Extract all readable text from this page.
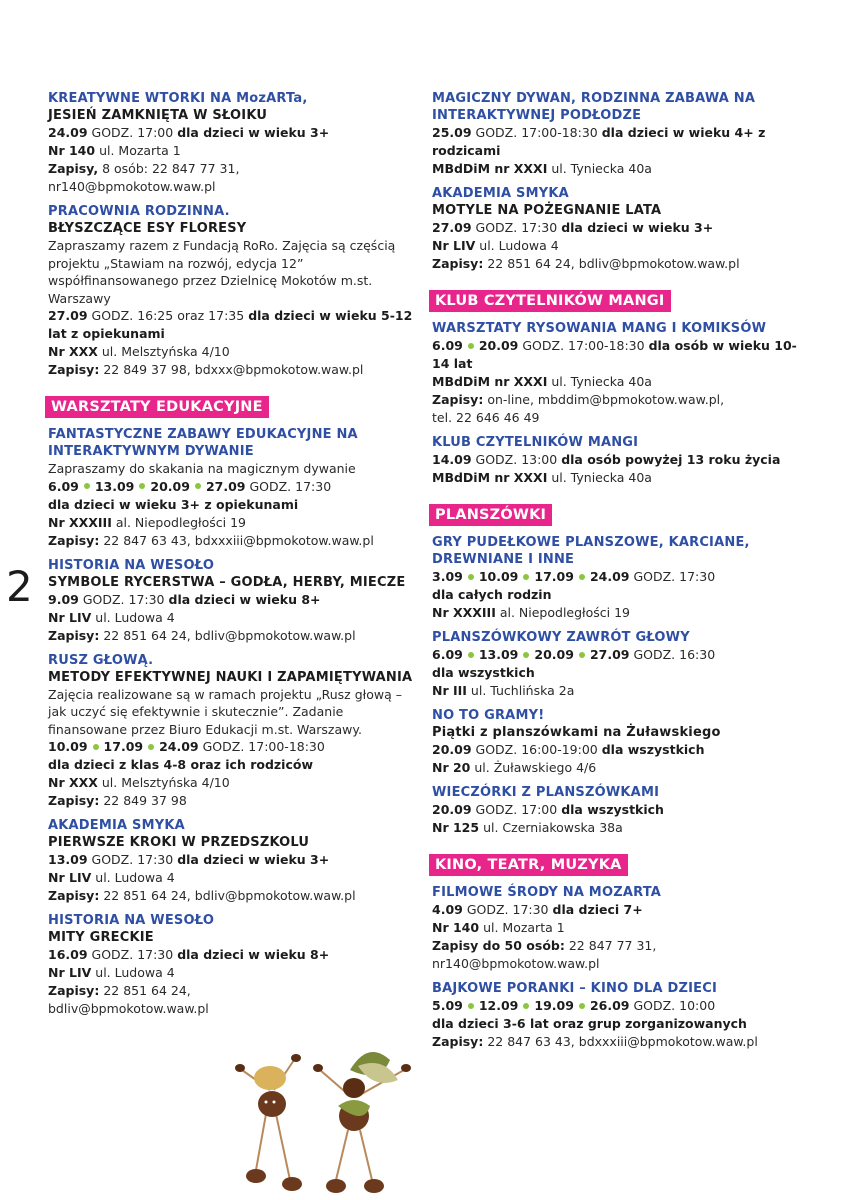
2
KREATYWNE WTORKI NA MozARTa,
JESIEŃ ZAMKNIĘTA W SŁOIKU
24.09 GODZ. 17:00 dla dzieci w wieku 3+
Nr 140 ul. Mozarta 1
Zapisy, 8 osób: 22 847 77 31,
nr140@bpmokotow.waw.pl
PRACOWNIA RODZINNA.
BŁYSZCZĄCE ESY FLORESY
Zapraszamy razem z Fundacją RoRo. Zajęcia są częścią projektu „Stawiam na rozwój, edycja 12” współfinansowanego przez Dzielnicę Mokotów m.st. Warszawy
27.09 GODZ. 16:25 oraz 17:35 dla dzieci w wieku 5-12 lat z opiekunami
Nr XXX ul. Melsztyńska 4/10
Zapisy: 22 849 37 98, bdxxx@bpmokotow.waw.pl
WARSZTATY EDUKACYJNE
FANTASTYCZNE ZABAWY EDUKACYJNE NA INTERAKTYWNYM DYWANIE
Zapraszamy do skakania na magicznym dywanie
6.09 13.09 20.09 27.09 GODZ. 17:30
dla dzieci w wieku 3+ z opiekunami
Nr XXXIII al. Niepodległości 19
Zapisy: 22 847 63 43, bdxxxiii@bpmokotow.waw.pl
HISTORIA NA WESOŁO
SYMBOLE RYCERSTWA – GODŁA, HERBY, MIECZE
9.09 GODZ. 17:30 dla dzieci w wieku 8+
Nr LIV ul. Ludowa 4
Zapisy: 22 851 64 24, bdliv@bpmokotow.waw.pl
RUSZ GŁOWĄ.
METODY EFEKTYWNEJ NAUKI I ZAPAMIĘTYWANIA
Zajęcia realizowane są w ramach projektu „Rusz głową – jak uczyć się efektywnie i skutecznie”. Zadanie finansowane przez Biuro Edukacji m.st. Warszawy.
10.09 17.09 24.09 GODZ. 17:00-18:30
dla dzieci z klas 4-8 oraz ich rodziców
Nr XXX ul. Melsztyńska 4/10
Zapisy: 22 849 37 98
AKADEMIA SMYKA
PIERWSZE KROKI W PRZEDSZKOLU
13.09 GODZ. 17:30 dla dzieci w wieku 3+
Nr LIV ul. Ludowa 4
Zapisy: 22 851 64 24, bdliv@bpmokotow.waw.pl
HISTORIA NA WESOŁO
MITY GRECKIE
16.09 GODZ. 17:30 dla dzieci w wieku 8+
Nr LIV ul. Ludowa 4
Zapisy: 22 851 64 24,
bdliv@bpmokotow.waw.pl
MAGICZNY DYWAN, RODZINNA ZABAWA NA INTERAKTYWNEJ PODŁODZE
25.09 GODZ. 17:00-18:30 dla dzieci w wieku 4+ z rodzicami
MBdDiM nr XXXI ul. Tyniecka 40a
AKADEMIA SMYKA
MOTYLE NA POŻEGNANIE LATA
27.09 GODZ. 17:30 dla dzieci w wieku 3+
Nr LIV ul. Ludowa 4
Zapisy: 22 851 64 24, bdliv@bpmokotow.waw.pl
KLUB CZYTELNIKÓW MANGI
WARSZTATY RYSOWANIA MANG I KOMIKSÓW
6.09 20.09 GODZ. 17:00-18:30 dla osób w wieku 10-14 lat
MBdDiM nr XXXI ul. Tyniecka 40a
Zapisy: on-line, mbddim@bpmokotow.waw.pl,
tel. 22 646 46 49
KLUB CZYTELNIKÓW MANGI
14.09 GODZ. 13:00 dla osób powyżej 13 roku życia
MBdDiM nr XXXI ul. Tyniecka 40a
PLANSZÓWKI
GRY PUDEŁKOWE PLANSZOWE, KARCIANE, DREWNIANE I INNE
3.09 10.09 17.09 24.09 GODZ. 17:30
dla całych rodzin
Nr XXXIII al. Niepodległości 19
PLANSZÓWKOWY ZAWRÓT GŁOWY
6.09 13.09 20.09 27.09 GODZ. 16:30
dla wszystkich
Nr III ul. Tuchlińska 2a
NO TO GRAMY!
Piątki z planszówkami na Żuławskiego
20.09 GODZ. 16:00-19:00 dla wszystkich
Nr 20 ul. Żuławskiego 4/6
WIECZÓRKI Z PLANSZÓWKAMI
20.09 GODZ. 17:00 dla wszystkich
Nr 125 ul. Czerniakowska 38a
KINO, TEATR, MUZYKA
FILMOWE ŚRODY NA MOZARTA
4.09 GODZ. 17:30 dla dzieci 7+
Nr 140 ul. Mozarta 1
Zapisy do 50 osób: 22 847 77 31,
nr140@bpmokotow.waw.pl
BAJKOWE PORANKI – KINO DLA DZIECI
5.09 12.09 19.09 26.09 GODZ. 10:00
dla dzieci 3-6 lat oraz grup zorganizowanych
Zapisy: 22 847 63 43, bdxxxiii@bpmokotow.waw.pl
